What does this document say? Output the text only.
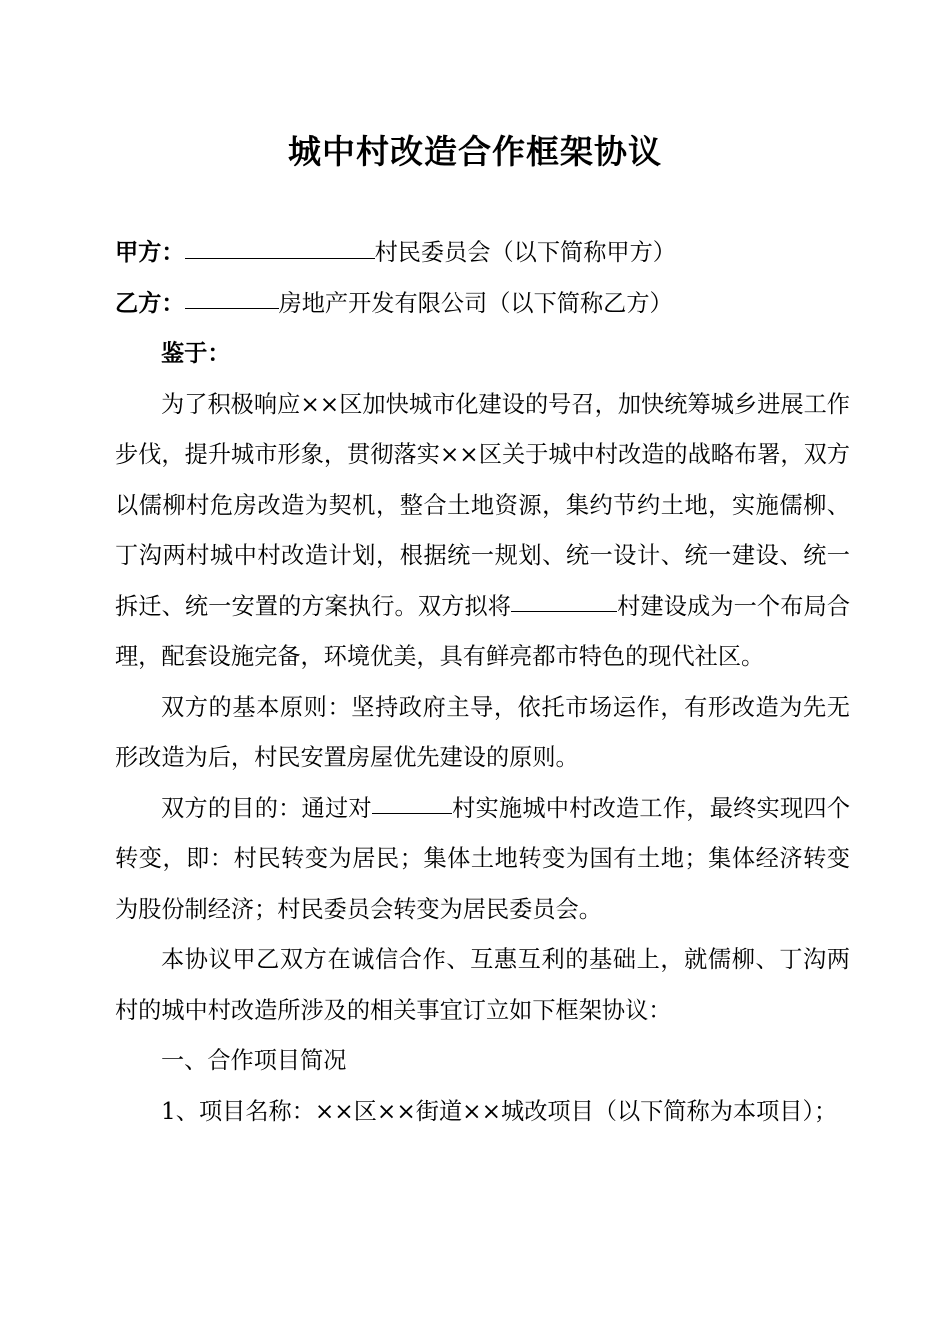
城中村改造合作框架协议

甲方：	村民委员会（以下简称甲方）

乙方：	房地产开发有限公司（以下简称乙方）

鉴于：

为了积极响应××区加快城市化建设的号召，加快统筹城乡进展工作步伐，提升城市形象，贯彻落实××区关于城中村改造的战略布署，双方以儒柳村危房改造为契机，整合土地资源，集约节约土地，实施儒柳、丁沟两村城中村改造计划，根据统一规划、统一设计、统一建设、统一拆迁、统一安置的方案执行。双方拟将	村建设成为一个布局合理，配套设施完备，环境优美，具有鲜亮都市特色的现代社区。

双方的基本原则：坚持政府主导，依托市场运作，有形改造为先无形改造为后，村民安置房屋优先建设的原则。

双方的目的：通过对	村实施城中村改造工作，最终实现四个转变，即：村民转变为居民；集体土地转变为国有土地；集体经济转变为股份制经济；村民委员会转变为居民委员会。

本协议甲乙双方在诚信合作、互惠互利的基础上，就儒柳、丁沟两村的城中村改造所涉及的相关事宜订立如下框架协议：

一、合作项目简况

1、项目名称：××区××街道××城改项目（以下简称为本项目）；
